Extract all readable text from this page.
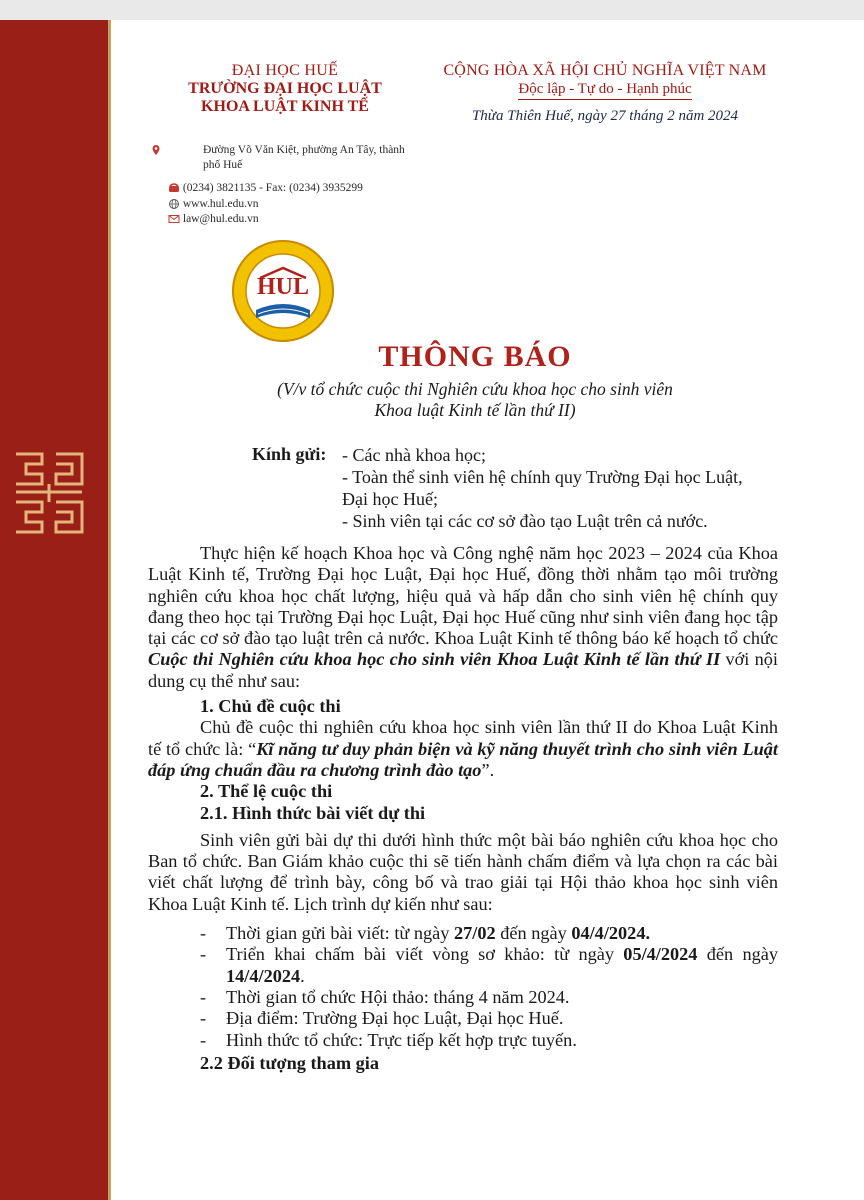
ĐẠI HỌC HUẾ
TRƯỜNG ĐẠI HỌC LUẬT
KHOA LUẬT KINH TẾ
CỘNG HÒA XÃ HỘI CHỦ NGHĨA VIỆT NAM
Độc lập - Tự do - Hạnh phúc
Thừa Thiên Huế, ngày 27 tháng 2 năm 2024
Đường Võ Văn Kiệt, phường An Tây, thành phố Huế
(0234) 3821135 - Fax: (0234) 3935299
www.hul.edu.vn
law@hul.edu.vn
HUL
THÔNG BÁO
(V/v tổ chức cuộc thi Nghiên cứu khoa học cho sinh viên
Khoa luật Kinh tế lần thứ II)
Kính gửi: - Các nhà khoa học;
- Toàn thể sinh viên hệ chính quy Trường Đại học Luật, Đại học Huế;
- Sinh viên tại các cơ sở đào tạo Luật trên cả nước.

Thực hiện kế hoạch Khoa học và Công nghệ năm học 2023 – 2024 của Khoa Luật Kinh tế, Trường Đại học Luật, Đại học Huế, đồng thời nhằm tạo môi trường nghiên cứu khoa học chất lượng, hiệu quả và hấp dẫn cho sinh viên hệ chính quy đang theo học tại Trường Đại học Luật, Đại học Huế cũng như sinh viên đang học tập tại các cơ sở đào tạo luật trên cả nước. Khoa Luật Kinh tế thông báo kế hoạch tổ chức Cuộc thi Nghiên cứu khoa học cho sinh viên Khoa Luật Kinh tế lần thứ II với nội dung cụ thể như sau:

1. Chủ đề cuộc thi

Chủ đề cuộc thi nghiên cứu khoa học sinh viên lần thứ II do Khoa Luật Kinh tế tổ chức là: “Kĩ năng tư duy phản biện và kỹ năng thuyết trình cho sinh viên Luật đáp ứng chuẩn đầu ra chương trình đào tạo”.

2. Thể lệ cuộc thi
2.1. Hình thức bài viết dự thi

Sinh viên gửi bài dự thi dưới hình thức một bài báo nghiên cứu khoa học cho Ban tổ chức. Ban Giám khảo cuộc thi sẽ tiến hành chấm điểm và lựa chọn ra các bài viết chất lượng để trình bày, công bố và trao giải tại Hội thảo khoa học sinh viên Khoa Luật Kinh tế. Lịch trình dự kiến như sau:

- Thời gian gửi bài viết: từ ngày 27/02 đến ngày 04/4/2024.
- Triển khai chấm bài viết vòng sơ khảo: từ ngày 05/4/2024 đến ngày 14/4/2024.
- Thời gian tổ chức Hội thảo: tháng 4 năm 2024.
- Địa điểm: Trường Đại học Luật, Đại học Huế.
- Hình thức tổ chức: Trực tiếp kết hợp trực tuyến.
2.2 Đối tượng tham gia
